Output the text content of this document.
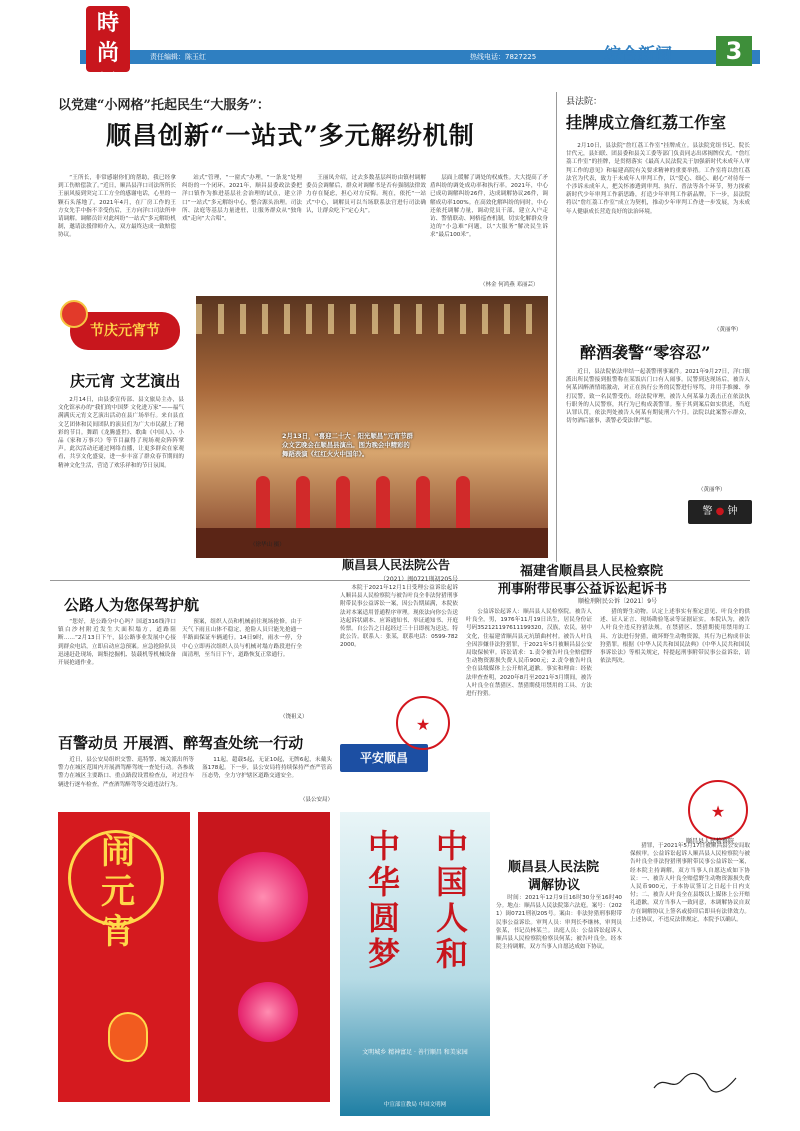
時尚昌
责任编辑：陈玉红	热线电话：7827225	综合新闻	3
以党建“小网格”托起民生“大服务”：
顺昌创新“一站式”多元解纷机制

“王所长，非常感谢你们的帮助，我已经拿到工伤赔偿款了。”近日，顺昌县洋口司法所所长王丽风接到突完工工方全的感谢电话，心里的一颗石头落地了。2021年4月，在厂房工作的王方女先手中指不幸受伤后，王方向洋口司法所申请调解。调解员针对此纠纷“一站式”多元解纷机制，邀请法援律师介入，双方最终达成一致赔偿协议。

站式”管理，“一窗式”办理，“一条龙”处理纠纷的一个闭环。2021年，顺昌县委政法委把洋口镇作为推进基层社会治理的试点，建立洋口“一站式”多元解纷中心，整合源头治理。司法所、法庭等基层力量进驻，让服务群众从“独角戏”走向“大合唱”。

王丽凤介绍，过去多数基层纠纷由镇村调解委员会调解后，群众对调解书是否有强制法律效力存在疑虑，担心对方反悔。现在，依托“一站式”中心，调解员可以当场联系法官进行司法确认，让群众吃下“定心丸”。

层面上缓解了调处的权威性。大大提高了矛盾纠纷的调处成功率和执行率。2021年，中心已成功调解纠纷26件，达成调解协议26件，调解成功率100%。在高效化解纠纷的同时，中心还依托调解力量，调动党员干部，建立入户走访、警情联动、网格巡查机制，切实化解群众身边的“小急难”问题，以“大服务”解决民生诉求“最后100米”。

（林金 何鸿燕 邓丽芸）
县法院：
挂牌成立詹红荔工作室

2月10日，县法院“詹红荔工作室”挂牌成立。县法院党组书记、院长甘代元，县妇联、团县委和县关工委等部门负责同志出席揭牌仪式。“詹红荔工作室”的挂牌，是贯彻落实《最高人民法院关于加强新时代未成年人审判工作的意见》和福建高院有关要求精神的重要举措。工作室将以詹红荔法官为代表，致力于未成年人审判工作，以“爱心、细心、耐心”对待每一个涉诉未成年人，把关怀渗透到审判、执行、普法等各个环节，努力探索新时代少年审判工作新思路，打造少年审判工作新品牌。下一步，县法院将以“詹红荔工作室”成立为契机，推动少年审判工作进一步发展，为未成年人健康成长营造良好的法治环境。

（黄丽华）
节庆元宵节
庆元宵 文艺演出

2月14日，由县委宣传部、县文旅局主办，县文化馆承办的“我们的中国梦 文化进万家”——福气满满庆元宵文艺演出活动在县广场举行。来自县直文艺团体和民间团队的演员们为广大市民献上了精彩的节目。舞蹈《龙腾盛世》、歌曲《中国人》、小品《家和万事兴》等节目赢得了现场观众阵阵掌声。此次活动还通过网络直播，让更多群众在家观看，共享文化盛宴，进一步丰富了群众春节期间的精神文化生活，营造了欢乐祥和的节日氛围。

2月13日，“喜迎二十大 · 阳光顺昌”元宵节群众文艺晚会在顺昌县演出。图为晚会中精彩的舞蹈表演《红红火火中国年》。
（徐华山 摄）
醉酒袭警“零容忍”

近日，县法院依法审结一起袭警刑事案件。2021年9月27日，洋口镇派出所民警接到报警称在某饭店门口有人闹事。民警到达现场后，被告人何某因醉酒情绪激动，对正在执行公务的民警进行辱骂，并用手推搡、拳打民警，致一名民警受伤。经法院审理，被告人何某暴力袭击正在依法执行职务的人民警察，其行为已构成袭警罪。鉴于其到案后如实供述，当庭认罪认罚，依法判处被告人何某有期徒刑六个月。法院以此案警示群众，切勿酒后滋事，袭警必受法律严惩。

（黄丽华）
警 ● 钟
公路人为您保驾护航

“您好，是公路分中心吗？国道316线洋口镇白沙村附近发生大面积塌方，道路阻断……”2月13日下午，县公路事业发展中心接到群众电话，立即启动应急预案。应急抢险队员迅速赶赴现场，调集挖掘机、装载机等机械设备开展抢通作业。

预案，组织人员和机械前往现场抢修。由于天气下雨且山体不稳定，抢险人员只能先抢通一半路面保证车辆通行。14日9时，雨水一停，分中心立即再次组织人员与机械对塌方路段进行全面清理，至当日下午，道路恢复正常通行。

（饶祖义）
百警动员 开展酒、醉驾查处统一行动

近日，县公安局组织交警、巡特警、城关派出所等警力在城区范围内开展酒驾醉驾统一查处行动。各参战警力在城区主要路口、重点路段设置检查点，对过往车辆进行逐车检查，严查酒驾醉驾等交通违法行为。

11起，超载5起，无证10起，无牌6起，未戴头盔178起。下一步，县公安局将持续保持严查严管高压态势，全力守护辖区道路交通安全。

（县公安局）
平安顺昌
闹元宵
中华圆梦
中国人和
文明城乡 精神富足 · 善行顺昌 和美家园
中宣部宣教局 中国文明网
顺昌县人民法院公告
（2021）闽0721刑初205号

本院于2021年12月1日受理公益诉讼起诉人顺昌县人民检察院与被告叶良全非法狩猎刑事附带民事公益诉讼一案，因公告期届满，本院依法对本案适用普通程序审理。现依法向你公告送达起诉状副本、应诉通知书、举证通知书、开庭传票。自公告之日起经过三十日即视为送达。特此公告。联系人：张某，联系电话：0599-7822000。

★
福建省顺昌县人民检察院
刑事附带民事公益诉讼起诉书
顺检刑附民公诉〔2021〕9号

公益诉讼起诉人：顺昌县人民检察院。被告人叶良全，男，1976年11月19日出生，居民身份证号码352121197611199320，汉族，农民，初中文化，住福建省顺昌县元坑镇曲村村。被告人叶良全因涉嫌非法狩猎罪，于2021年5月被顺昌县公安局取保候审。诉讼请求：1.责令被告叶良全赔偿野生动物资源损失费人民币900元；2.责令被告叶良全在县级媒体上公开赔礼道歉。事实和理由：经依法审查查明，2020年8月至2021年3月期间，被告人叶良全在禁猎区、禁猎期使用禁用的工具、方法进行狩猎。

猎的野生动物。认定上述事实有鉴定意见、叶良全的供述、证人证言、现场勘验笔录等证据证实。本院认为，被告人叶良全违反狩猎法规，在禁猎区、禁猎期使用禁用的工具、方法进行狩猎，破坏野生动物资源，其行为已构成非法狩猎罪。根据《中华人民共和国民法典》《中华人民共和国民事诉讼法》等相关规定，特提起刑事附带民事公益诉讼，请依法判决。

★
顺昌县人民检察院
顺昌县人民法院
调解协议

时间：2021年12月9日16时30分至16时40分。地点：顺昌县人民法院第六法庭。案号：（2021）闽0721刑初205号。案由：非法狩猎刑事附带民事公益诉讼。审判人员：审判长李继林，审判员张某，书记员林某兰。出庭人员：公益诉讼起诉人顺昌县人民检察院检察员何某；被告叶良全。经本院主持调解，双方当事人自愿达成如下协议。

猎罪，于2021年5月17日被顺昌县公安局取保候审。公益诉讼起诉人顺昌县人民检察院与被告叶良全非法狩猎刑事附带民事公益诉讼一案，经本院主持调解，双方当事人自愿达成如下协议：一、被告人叶良全赔偿野生动物资源损失费人民币900元，于本协议签订之日起十日内支付；二、被告人叶良全在县级以上媒体上公开赔礼道歉。双方当事人一致同意，本调解协议自双方在调解协议上签名或捺印后即具有法律效力。上述协议，不违反法律规定，本院予以确认。
